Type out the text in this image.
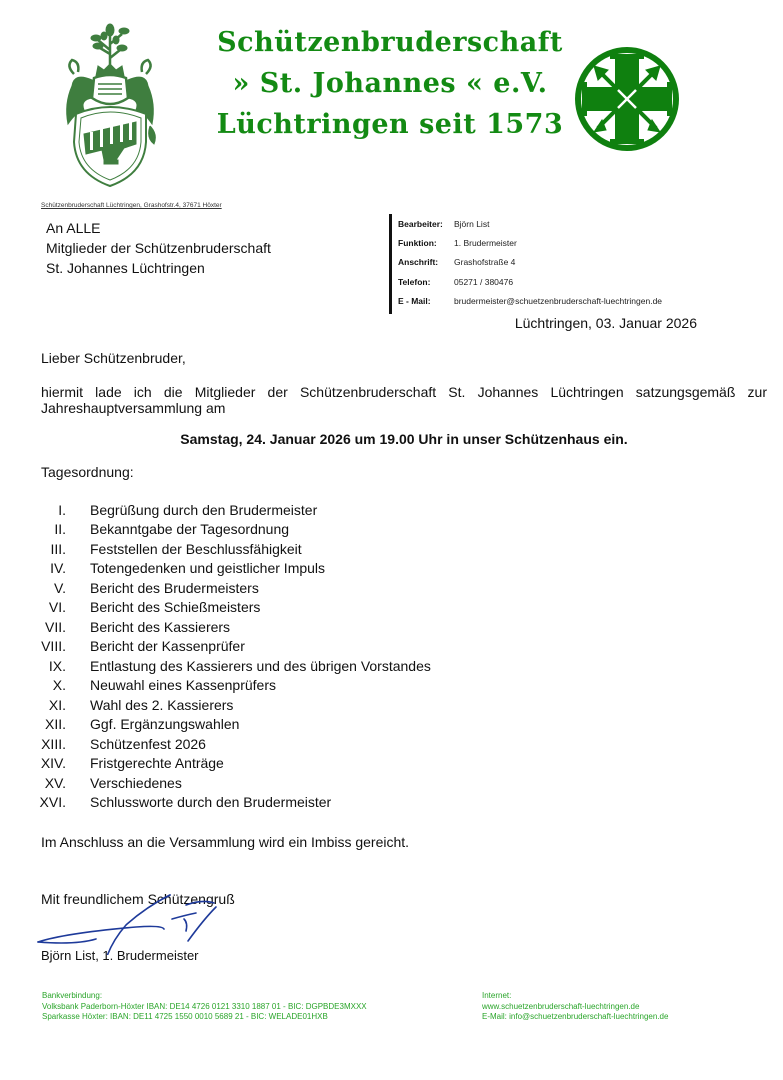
Schützenbruderschaft
» St. Johannes « e.V.
Lüchtringen seit 1573
Schützenbruderschaft Lüchtringen, Grashofstr.4, 37671 Höxter
An ALLE
Mitglieder der Schützenbruderschaft
St. Johannes Lüchtringen
Bearbeiter:	Björn List
Funktion:	1. Brudermeister
Anschrift:	Grashofstraße 4
Telefon:	05271 / 380476
E - Mail:	brudermeister@schuetzenbruderschaft-luechtringen.de
Lüchtringen, 03. Januar 2026
Lieber Schützenbruder,
hiermit lade ich die Mitglieder der Schützenbruderschaft St. Johannes Lüchtringen satzungsgemäß zur Jahreshauptversammlung am
Samstag, 24. Januar 2026 um 19.00 Uhr in unser Schützenhaus ein.
Tagesordnung:
I. Begrüßung durch den Brudermeister
II. Bekanntgabe der Tagesordnung
III. Feststellen der Beschlussfähigkeit
IV. Totengedenken und geistlicher Impuls
V. Bericht des Brudermeisters
VI. Bericht des Schießmeisters
VII. Bericht des Kassierers
VIII. Bericht der Kassenprüfer
IX. Entlastung des Kassierers und des übrigen Vorstandes
X. Neuwahl eines Kassenprüfers
XI. Wahl des 2. Kassierers
XII. Ggf. Ergänzungswahlen
XIII. Schützenfest 2026
XIV. Fristgerechte Anträge
XV. Verschiedenes
XVI. Schlussworte durch den Brudermeister
Im Anschluss an die Versammlung wird ein Imbiss gereicht.
Mit freundlichem Schützengruß
Björn List, 1. Brudermeister
Bankverbindung:
Volksbank Paderborn-Höxter IBAN: DE14 4726 0121 3310 1887 01 - BIC: DGPBDE3MXXX
Sparkasse Höxter: IBAN: DE11 4725 1550 0010 5689 21 - BIC: WELADE01HXB
Internet:
www.schuetzenbruderschaft-luechtringen.de
E-Mail: info@schuetzenbruderschaft-luechtringen.de
